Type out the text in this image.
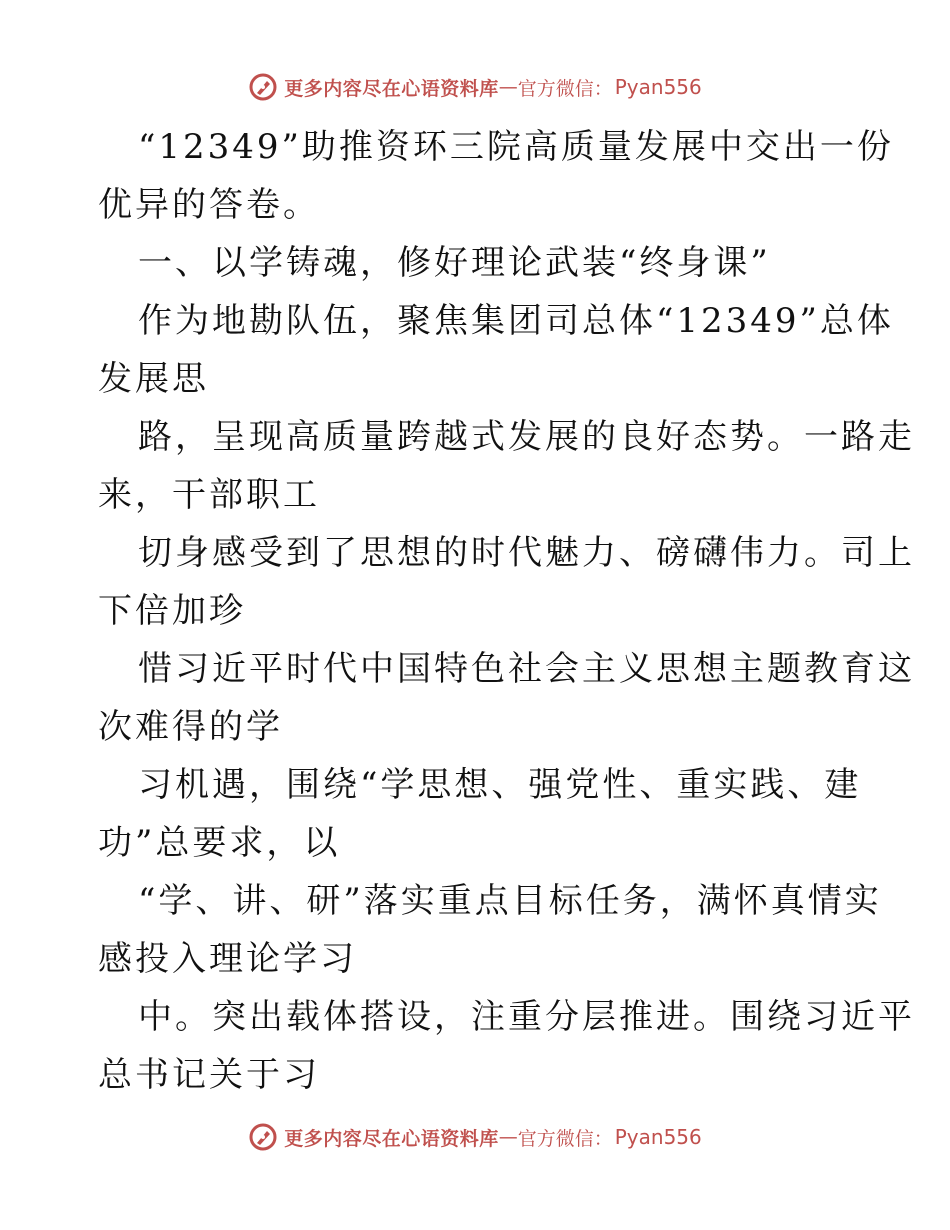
更多内容尽在心语资料库 — 官方微信： Pyan556
“12349”助推资环三院高质量发展中交出一份
优异的答卷。
一、以学铸魂，修好理论武装“终身课”
作为地勘队伍，聚焦集团司总体“12349”总体
发展思
路，呈现高质量跨越式发展的良好态势。一路走
来，干部职工
切身感受到了思想的时代魅力、磅礴伟力。司上
下倍加珍
惜习近平时代中国特色社会主义思想主题教育这
次难得的学
习机遇，围绕“学思想、强党性、重实践、建
功”总要求，以
“学、讲、研”落实重点目标任务，满怀真情实
感投入理论学习
中。突出载体搭设，注重分层推进。围绕习近平
总书记关于习
更多内容尽在心语资料库 — 官方微信： Pyan556
